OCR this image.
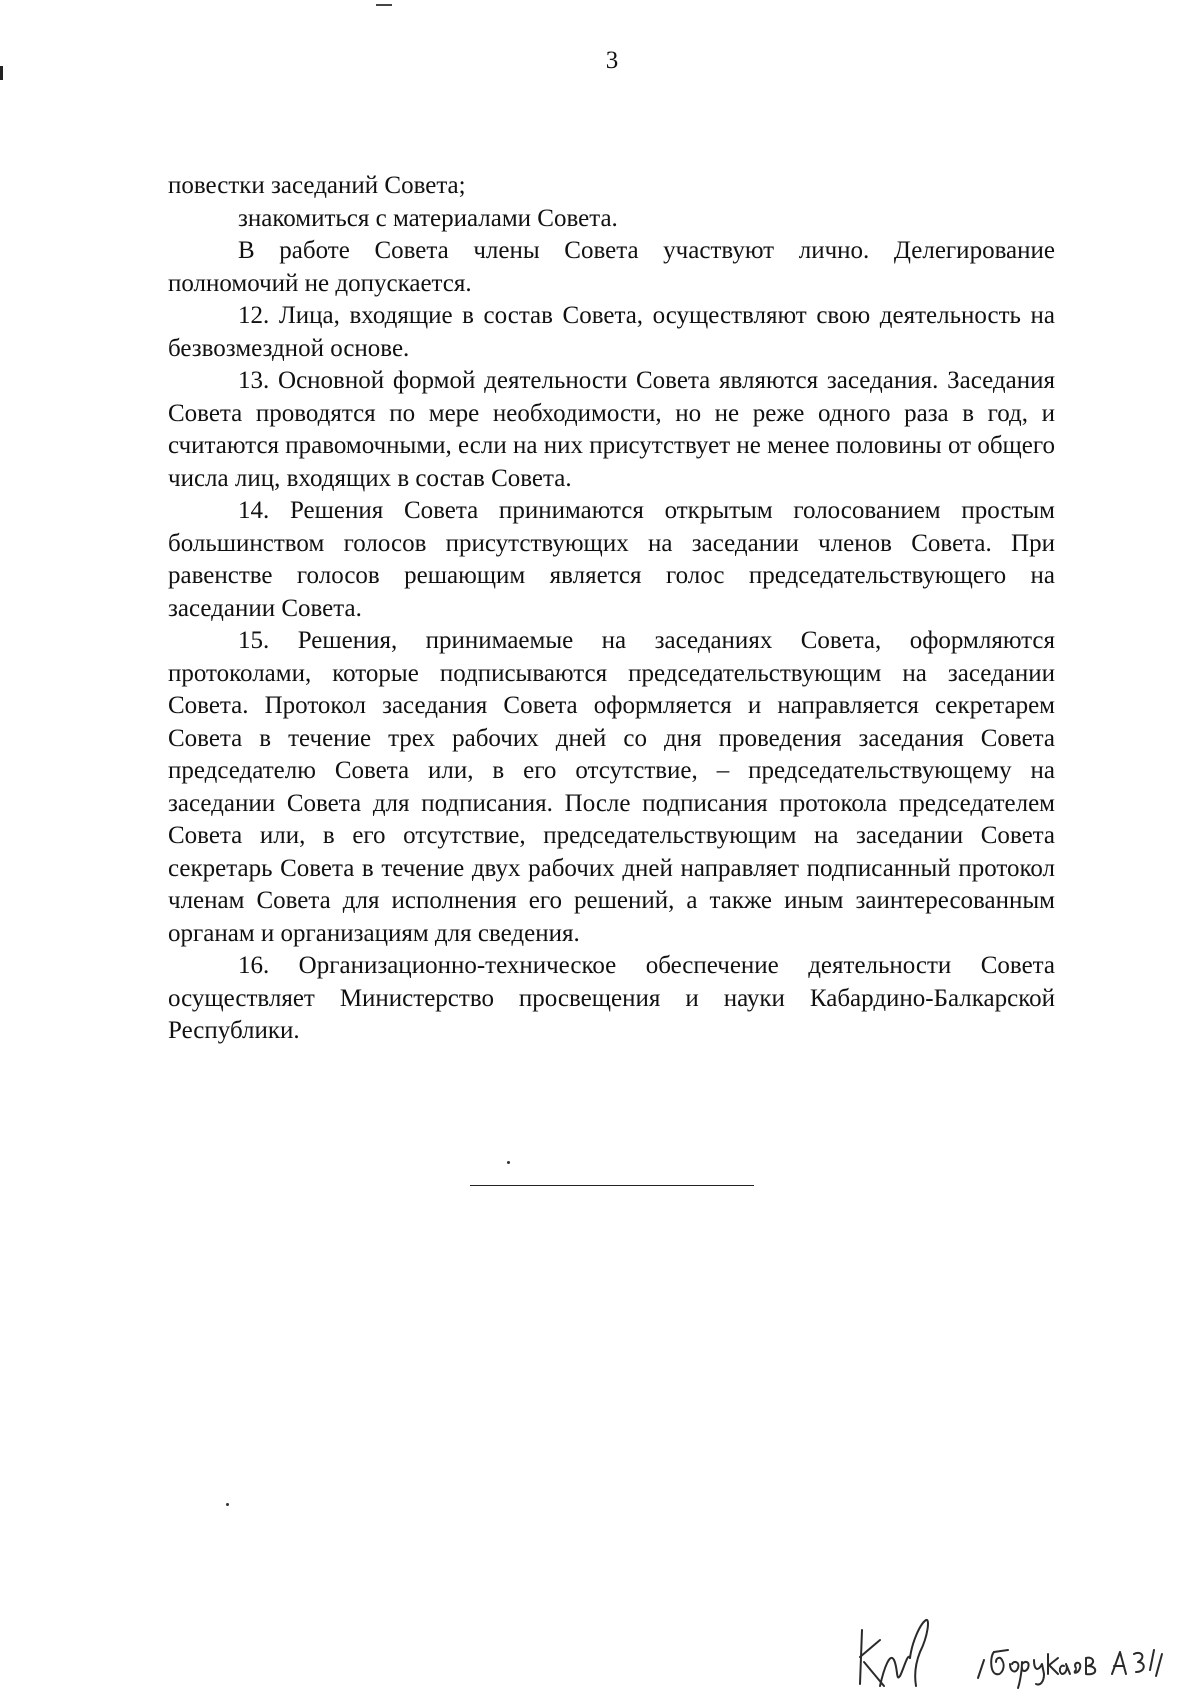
3

повестки заседаний Совета;

знакомиться с материалами Совета.

В работе Совета члены Совета участвуют лично. Делегирование полномочий не допускается.

12. Лица, входящие в состав Совета, осуществляют свою деятельность на безвозмездной основе.

13. Основной формой деятельности Совета являются заседания. Заседания Совета проводятся по мере необходимости, но не реже одного раза в год, и считаются правомочными, если на них присутствует не менее половины от общего числа лиц, входящих в состав Совета.

14. Решения Совета принимаются открытым голосованием простым большинством голосов присутствующих на заседании членов Совета. При равенстве голосов решающим является голос председательствующего на заседании Совета.

15. Решения, принимаемые на заседаниях Совета, оформляются протоколами, которые подписываются председательствующим на заседании Совета. Протокол заседания Совета оформляется и направляется секретарем Совета в течение трех рабочих дней со дня проведения заседания Совета председателю Совета или, в его отсутствие, – председательствующему на заседании Совета для подписания. После подписания протокола председателем Совета или, в его отсутствие, председательствующим на заседании Совета секретарь Совета в течение двух рабочих дней направляет подписанный протокол членам Совета для исполнения его решений, а также иным заинтересованным органам и организациям для сведения.

16. Организационно-техническое обеспечение деятельности Совета осуществляет Министерство просвещения и науки Кабардино-Балкарской Республики.
